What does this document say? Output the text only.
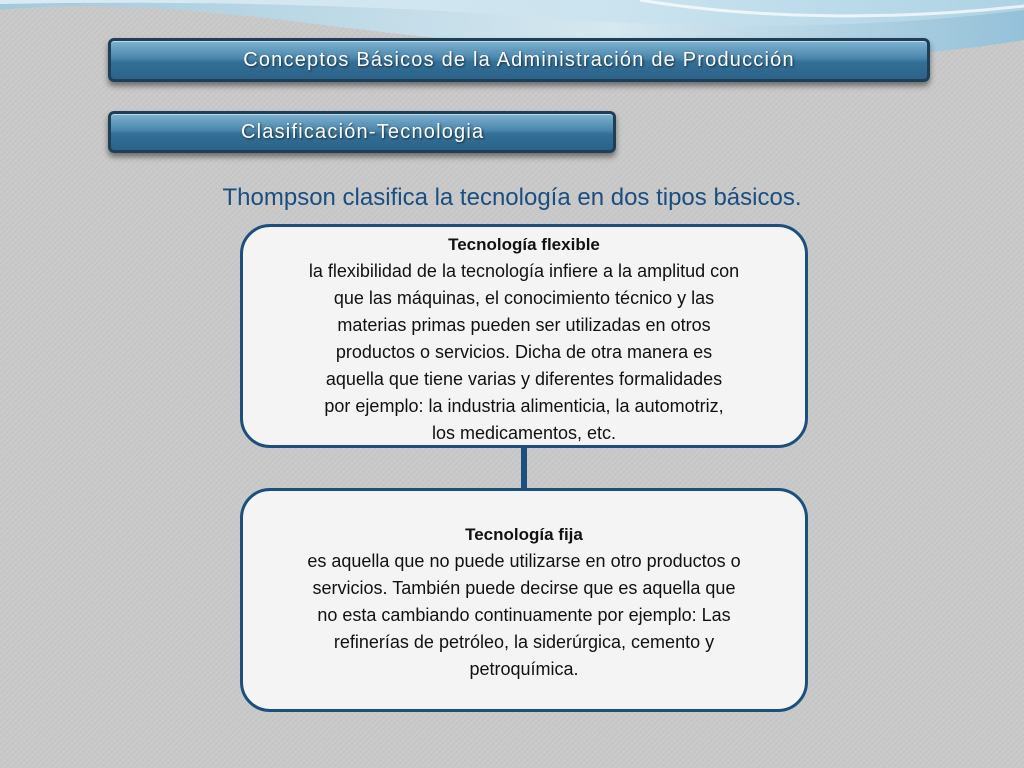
Conceptos Básicos de la Administración de Producción
Clasificación-Tecnologia
Thompson clasifica la tecnología en dos tipos básicos.
Tecnología flexible
la flexibilidad de la tecnología infiere a la amplitud con
que las máquinas, el conocimiento técnico y las
materias primas pueden ser utilizadas en otros
productos o servicios. Dicha de otra manera es
aquella que tiene varias y diferentes formalidades
por ejemplo: la industria alimenticia, la automotriz,
los medicamentos, etc.
Tecnología fija
es aquella que no puede utilizarse en otro productos o
servicios. También puede decirse que es aquella que
no esta cambiando continuamente por ejemplo: Las
refinerías de petróleo, la siderúrgica, cemento y
petroquímica.
